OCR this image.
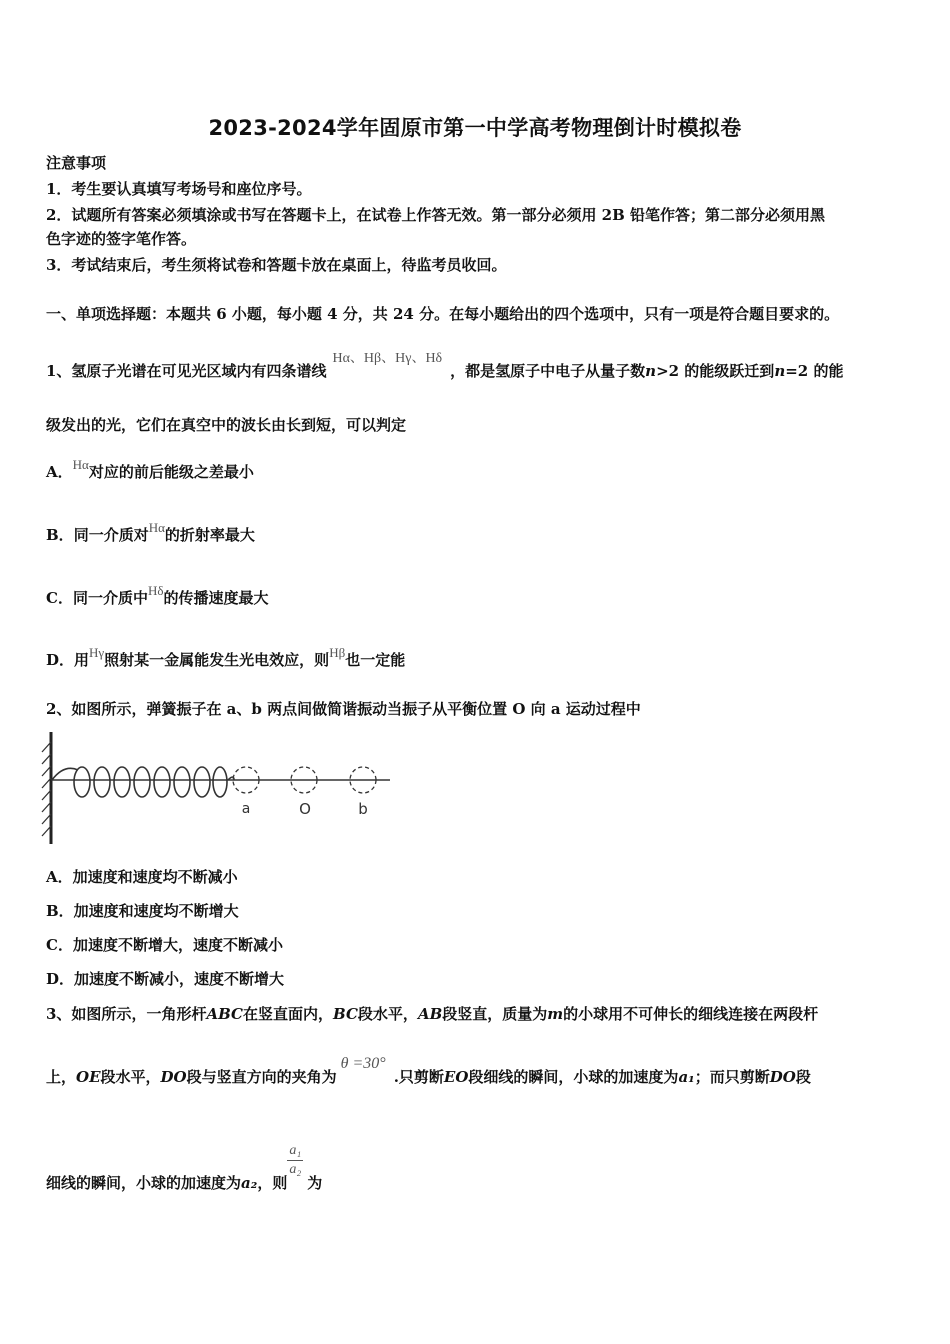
2023-2024学年固原市第一中学高考物理倒计时模拟卷
注意事项
1．考生要认真填写考场号和座位序号。
2．试题所有答案必须填涂或书写在答题卡上，在试卷上作答无效。第一部分必须用 2B 铅笔作答；第二部分必须用黑
色字迹的签字笔作答。
3．考试结束后，考生须将试卷和答题卡放在桌面上，待监考员收回。
一、单项选择题：本题共 6 小题，每小题 4 分，共 24 分。在每小题给出的四个选项中，只有一项是符合题目要求的。
1、氢原子光谱在可见光区域内有四条谱线Hα、Hβ、Hγ、Hδ，都是氢原子中电子从量子数n>2 的能级跃迁到n=2 的能
级发出的光，它们在真空中的波长由长到短，可以判定
A．Hα对应的前后能级之差最小
B．同一介质对Hα的折射率最大
C．同一介质中Hδ的传播速度最大
D．用Hγ照射某一金属能发生光电效应，则Hβ也一定能
2、如图所示，弹簧振子在 a、b 两点间做简谐振动当振子从平衡位置 O 向 a 运动过程中
a	O	b
A．加速度和速度均不断减小
B．加速度和速度均不断增大
C．加速度不断增大，速度不断减小
D．加速度不断减小，速度不断增大
3、如图所示，一角形杆ABC在竖直面内，BC段水平，AB段竖直，质量为m的小球用不可伸长的细线连接在两段杆
上，OE段水平，DO段与竖直方向的夹角为θ =30°.只剪断EO段细线的瞬间，小球的加速度为a₁；而只剪断DO段
细线的瞬间，小球的加速度为a₂，则
$\frac{\text{a₁}}{\text{a₂}}$
为
